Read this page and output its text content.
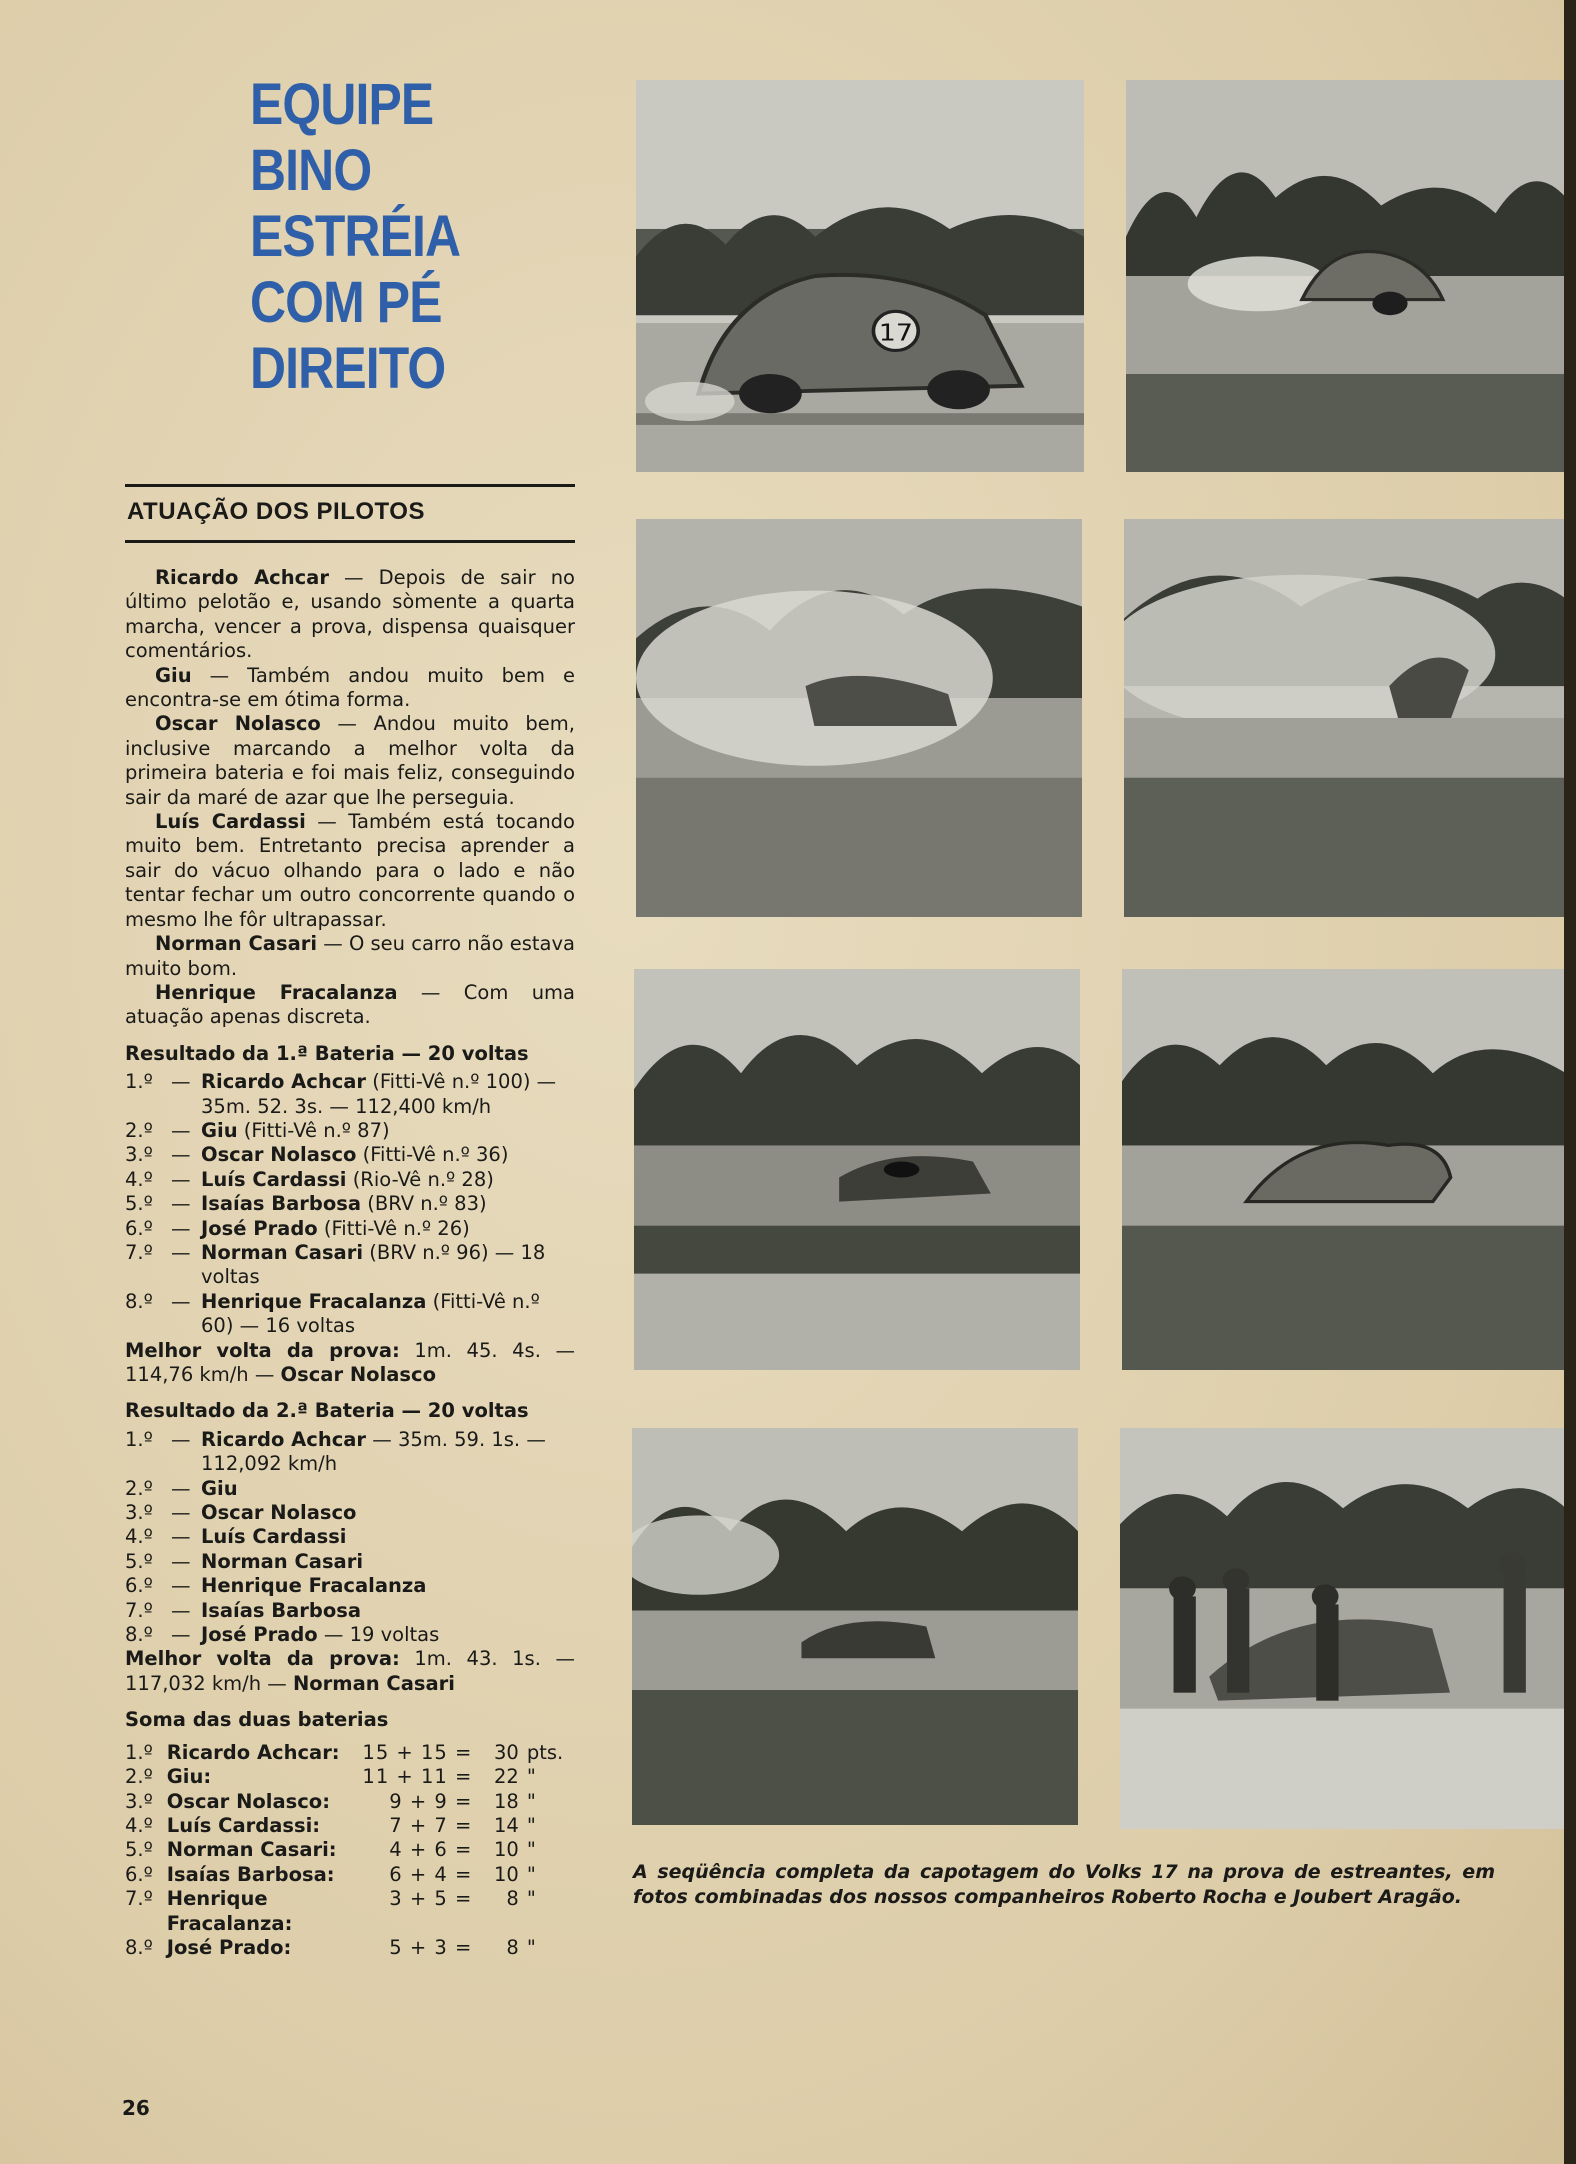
EQUIPE
BINO
ESTRÉIA
COM PÉ
DIREITO
ATUAÇÃO DOS PILOTOS

Ricardo Achcar — Depois de sair no último pelotão e, usando sòmente a quarta marcha, vencer a prova, dispensa quaisquer comentários.

Giu — Também andou muito bem e encontra-se em ótima forma.

Oscar Nolasco — Andou muito bem, inclusive marcando a melhor volta da primeira bateria e foi mais feliz, conseguindo sair da maré de azar que lhe perseguia.

Luís Cardassi — Também está tocando muito bem. Entretanto precisa aprender a sair do vácuo olhando para o lado e não tentar fechar um outro concorrente quando o mesmo lhe fôr ultrapassar.

Norman Casari — O seu carro não estava muito bom.

Henrique Fracalanza — Com uma atuação apenas discreta.

Resultado da 1.ª Bateria — 20 voltas
1.º — Ricardo Achcar (Fitti-Vê n.º 100) — 35m. 52. 3s. — 112,400 km/h
2.º — Giu (Fitti-Vê n.º 87)
3.º — Oscar Nolasco (Fitti-Vê n.º 36)
4.º — Luís Cardassi (Rio-Vê n.º 28)
5.º — Isaías Barbosa (BRV n.º 83)
6.º — José Prado (Fitti-Vê n.º 26)
7.º — Norman Casari (BRV n.º 96) — 18 voltas
8.º — Henrique Fracalanza (Fitti-Vê n.º 60) — 16 voltas

Melhor volta da prova: 1m. 45. 4s. — 114,76 km/h — Oscar Nolasco

Resultado da 2.ª Bateria — 20 voltas
1.º — Ricardo Achcar — 35m. 59. 1s. — 112,092 km/h
2.º — Giu
3.º — Oscar Nolasco
4.º — Luís Cardassi
5.º — Norman Casari
6.º — Henrique Fracalanza
7.º — Isaías Barbosa
8.º — José Prado — 19 voltas

Melhor volta da prova: 1m. 43. 1s. — 117,032 km/h — Norman Casari

Soma das duas baterias
1.º	Ricardo Achcar:	15 + 15 =	30	pts.
2.º	Giu:	11 + 11 =	22	"
3.º	Oscar Nolasco:	9 + 9 =	18	"
4.º	Luís Cardassi:	7 + 7 =	14	"
5.º	Norman Casari:	4 + 6 =	10	"
6.º	Isaías Barbosa:	6 + 4 =	10	"
7.º	Henrique Fracalanza:	3 + 5 =	8	"
8.º	José Prado:	5 + 3 =	8	"
26
17
A seqüência completa da capotagem do Volks 17 na prova de estreantes, em fotos combinadas dos nossos companheiros Roberto Rocha e Joubert Aragão.
